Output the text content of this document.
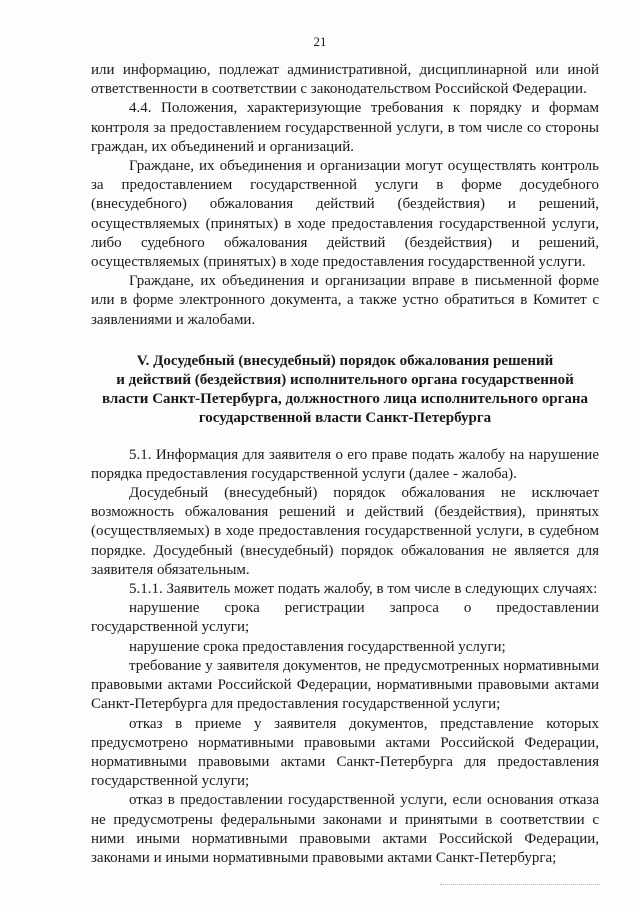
21

или информацию, подлежат административной, дисциплинарной или иной ответственности в соответствии с законодательством Российской Федерации.

4.4. Положения, характеризующие требования к порядку и формам контроля за предоставлением государственной услуги, в том числе со стороны граждан, их объединений и организаций.

Граждане, их объединения и организации могут осуществлять контроль за предоставлением государственной услуги в форме досудебного (внесудебного) обжалования действий (бездействия) и решений, осуществляемых (принятых) в ходе предоставления государственной услуги, либо судебного обжалования действий (бездействия) и решений, осуществляемых (принятых) в ходе предоставления государственной услуги.

Граждане, их объединения и организации вправе в письменной форме или в форме электронного документа, а также устно обратиться в Комитет с заявлениями и жалобами.

V. Досудебный (внесудебный) порядок обжалования решений
и действий (бездействия) исполнительного органа государственной
власти Санкт-Петербурга, должностного лица исполнительного органа
государственной власти Санкт-Петербурга

5.1. Информация для заявителя о его праве подать жалобу на нарушение порядка предоставления государственной услуги (далее - жалоба).

Досудебный (внесудебный) порядок обжалования не исключает возможность обжалования решений и действий (бездействия), принятых (осуществляемых) в ходе предоставления государственной услуги, в судебном порядке. Досудебный (внесудебный) порядок обжалования не является для заявителя обязательным.

5.1.1. Заявитель может подать жалобу, в том числе в следующих случаях:

нарушение срока регистрации запроса о предоставлении государственной услуги;

нарушение срока предоставления государственной услуги;

требование у заявителя документов, не предусмотренных нормативными правовыми актами Российской Федерации, нормативными правовыми актами Санкт-Петербурга для предоставления государственной услуги;

отказ в приеме у заявителя документов, представление которых предусмотрено нормативными правовыми актами Российской Федерации, нормативными правовыми актами Санкт-Петербурга для предоставления государственной услуги;

отказ в предоставлении государственной услуги, если основания отказа не предусмотрены федеральными законами и принятыми в соответствии с ними иными нормативными правовыми актами Российской Федерации, законами и иными нормативными правовыми актами Санкт-Петербурга;
